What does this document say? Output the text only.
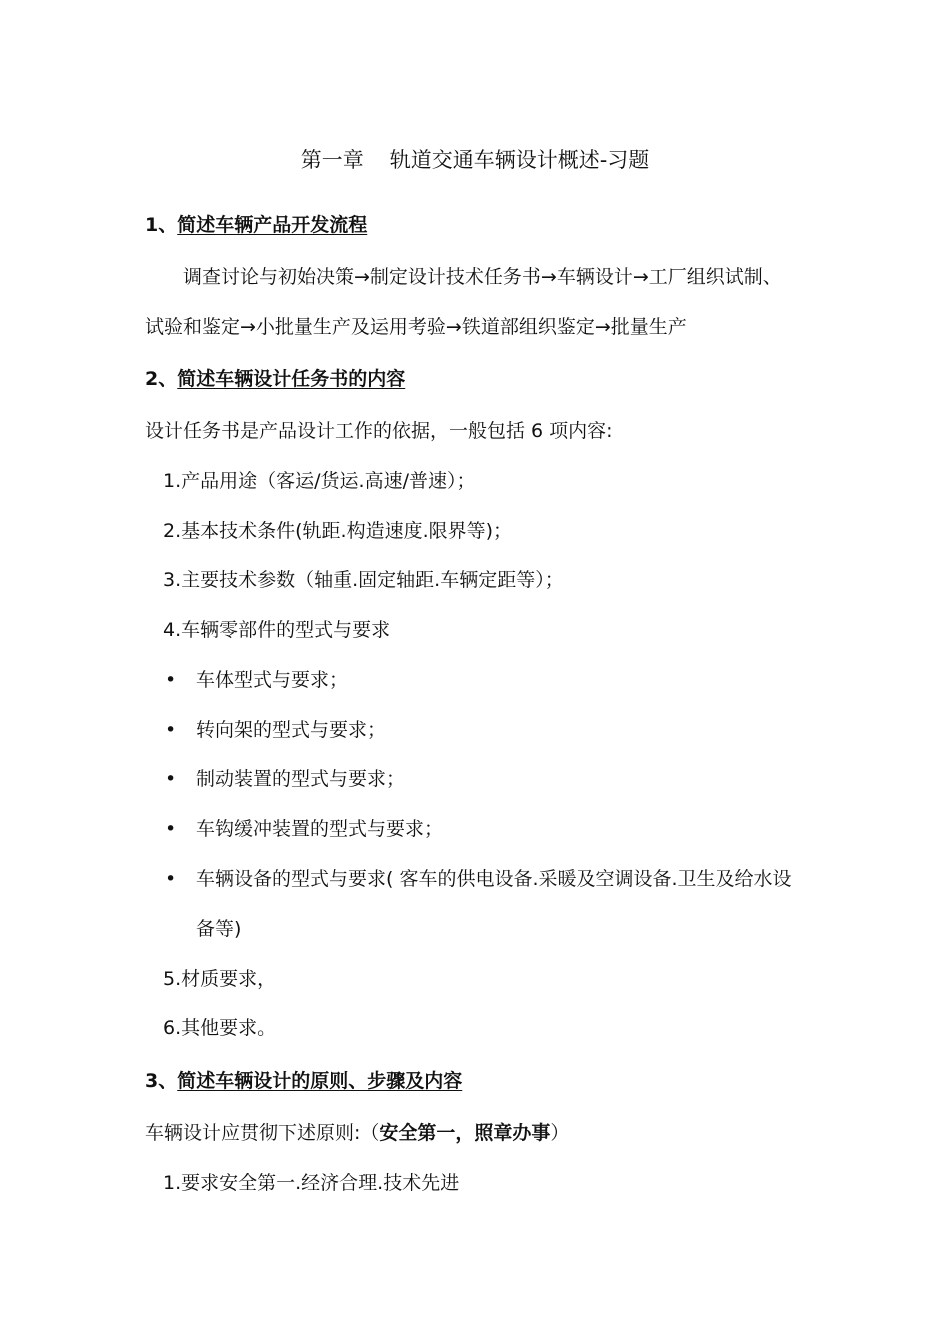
第一章 轨道交通车辆设计概述-习题
1、简述车辆产品开发流程
调查讨论与初始决策→制定设计技术任务书→车辆设计→工厂组织试制、
试验和鉴定→小批量生产及运用考验→铁道部组织鉴定→批量生产
2、简述车辆设计任务书的内容
设计任务书是产品设计工作的依据，一般包括 6 项内容:
1.产品用途（客运/货运.高速/普速）；
2.基本技术条件(轨距.构造速度.限界等)；
3.主要技术参数（轴重.固定轴距.车辆定距等）；
4.车辆零部件的型式与要求
• 车体型式与要求；
• 转向架的型式与要求；
• 制动装置的型式与要求；
• 车钩缓冲装置的型式与要求；
• 车辆设备的型式与要求( 客车的供电设备.采暖及空调设备.卫生及给水设
备等)
5.材质要求，
6.其他要求。
3、简述车辆设计的原则、步骤及内容
车辆设计应贯彻下述原则:（安全第一，照章办事）
1.要求安全第一.经济合理.技术先进
